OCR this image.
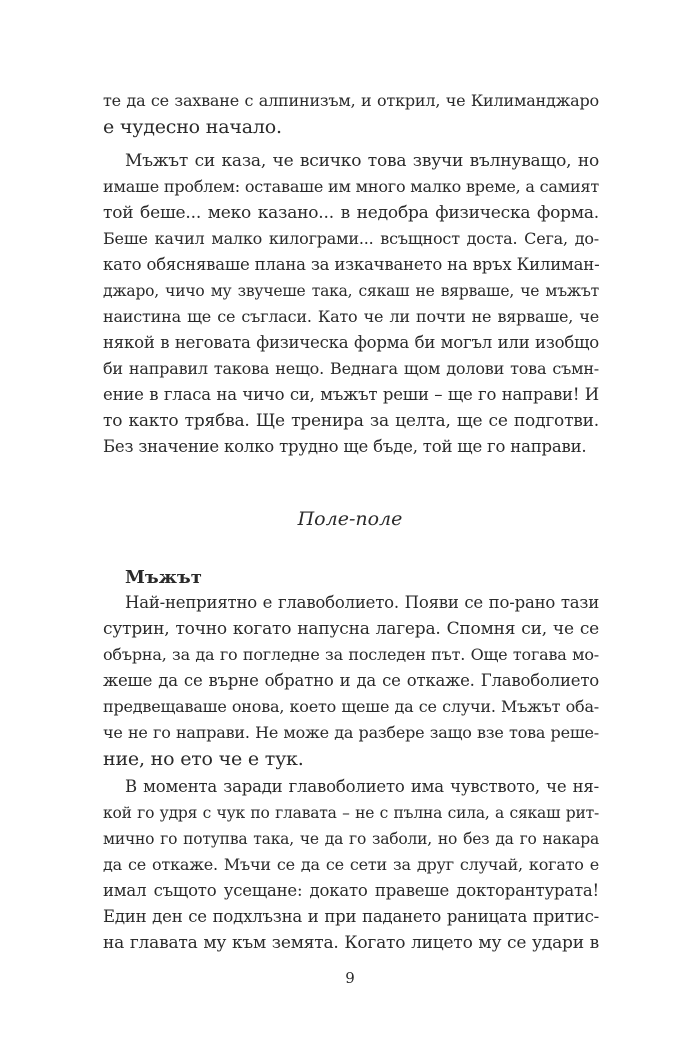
те да се захване с алпинизъм, и открил, че Килиманджаро
е чудесно начало.
Мъжът си каза, че всичко това звучи вълнуващо, но
имаше проблем: оставаше им много малко време, а самият
той беше... меко казано... в недобра физическа форма.
Беше качил малко килограми... всъщност доста. Сега, до-
като обясняваше плана за изкачването на връх Килиман-
джаро, чичо му звучеше така, сякаш не вярваше, че мъжът
наистина ще се съгласи. Като че ли почти не вярваше, че
някой в неговата физическа форма би могъл или изобщо
би направил такова нещо. Веднага щом долови това съмн-
ение в гласа на чичо си, мъжът реши – ще го направи! И
то както трябва. Ще тренира за целта, ще се подготви.
Без значение колко трудно ще бъде, той ще го направи.
Поле-поле
Мъжът
Най-неприятно е главоболието. Появи се по-рано тази
сутрин, точно когато напусна лагера. Спомня си, че се
обърна, за да го погледне за последен път. Още тогава мо-
жеше да се върне обратно и да се откаже. Главоболието
предвещаваше онова, което щеше да се случи. Мъжът оба-
че не го направи. Не може да разбере защо взе това реше-
ние, но ето че е тук.
В момента заради главоболието има чувството, че ня-
кой го удря с чук по главата – не с пълна сила, а сякаш рит-
мично го потупва така, че да го заболи, но без да го накара
да се откаже. Мъчи се да се сети за друг случай, когато е
имал същото усещане: докато правеше докторантурата!
Един ден се подхлъзна и при падането раницата притис-
на главата му към земята. Когато лицето му се удари в
9
